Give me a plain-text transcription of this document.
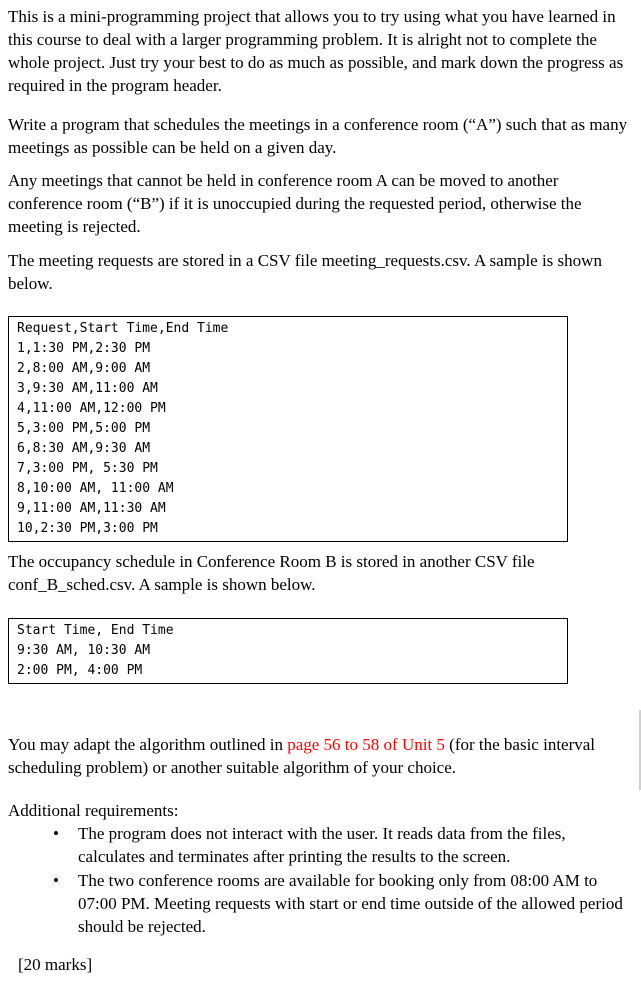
This is a mini-programming project that allows you to try using what you have learned in this course to deal with a larger programming problem. It is alright not to complete the whole project. Just try your best to do as much as possible, and mark down the progress as required in the program header.

Write a program that schedules the meetings in a conference room (“A”) such that as many meetings as possible can be held on a given day.

Any meetings that cannot be held in conference room A can be moved to another conference room (“B”) if it is unoccupied during the requested period, otherwise the meeting is rejected.

The meeting requests are stored in a CSV file meeting_requests.csv. A sample is shown below.

Request,Start Time,End Time
1,1:30 PM,2:30 PM
2,8:00 AM,9:00 AM
3,9:30 AM,11:00 AM
4,11:00 AM,12:00 PM
5,3:00 PM,5:00 PM
6,8:30 AM,9:30 AM
7,3:00 PM, 5:30 PM
8,10:00 AM, 11:00 AM
9,11:00 AM,11:30 AM
10,2:30 PM,3:00 PM

The occupancy schedule in Conference Room B is stored in another CSV file conf_B_sched.csv. A sample is shown below.

Start Time, End Time
9:30 AM, 10:30 AM
2:00 PM, 4:00 PM

You may adapt the algorithm outlined in page 56 to 58 of Unit 5 (for the basic interval scheduling problem) or another suitable algorithm of your choice.

Additional requirements:

• The program does not interact with the user. It reads data from the files, calculates and terminates after printing the results to the screen.
• The two conference rooms are available for booking only from 08:00 AM to 07:00 PM. Meeting requests with start or end time outside of the allowed period should be rejected.

[20 marks]
